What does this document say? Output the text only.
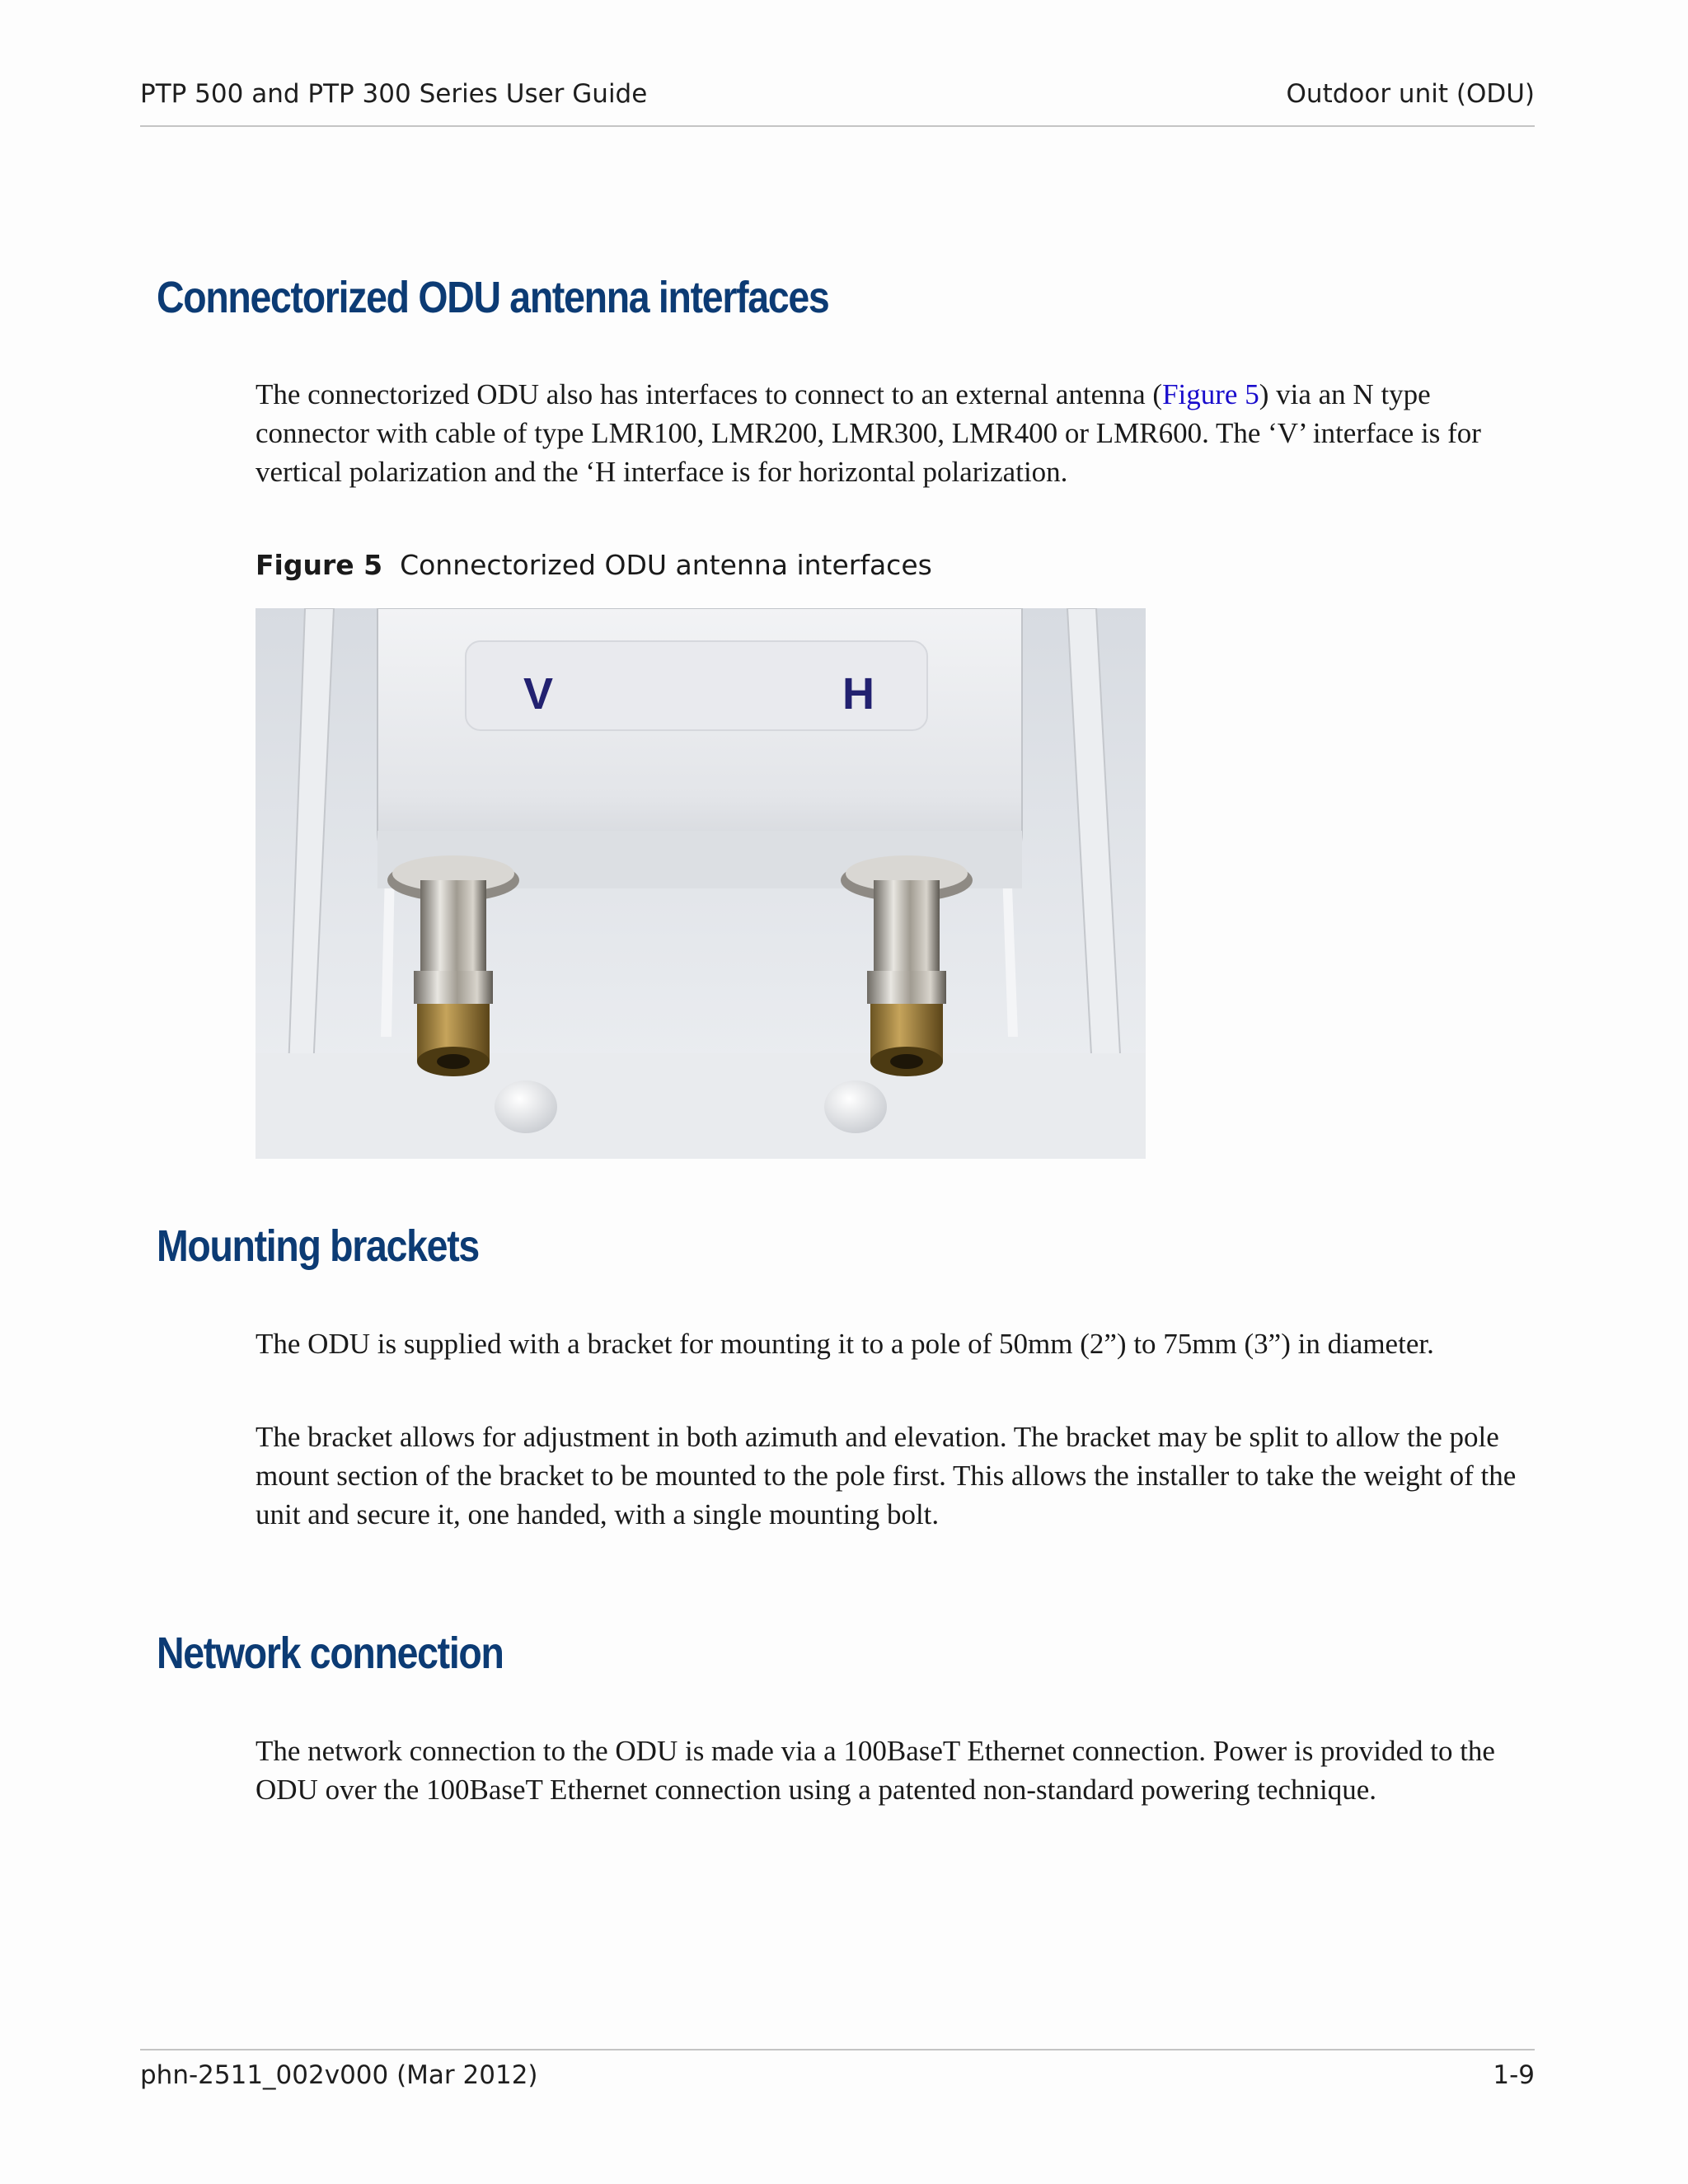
PTP 500 and PTP 300 Series User Guide	Outdoor unit (ODU)
Connectorized ODU antenna interfaces

The connectorized ODU also has interfaces to connect to an external antenna (Figure 5) via an N type connector with cable of type LMR100, LMR200, LMR300, LMR400 or LMR600. The ‘V’ interface is for vertical polarization and the ‘H interface is for horizontal polarization.

Figure 5 Connectorized ODU antenna interfaces
V	H
Mounting brackets

The ODU is supplied with a bracket for mounting it to a pole of 50mm (2”) to 75mm (3”) in diameter.

The bracket allows for adjustment in both azimuth and elevation. The bracket may be split to allow the pole mount section of the bracket to be mounted to the pole first. This allows the installer to take the weight of the unit and secure it, one handed, with a single mounting bolt.

Network connection

The network connection to the ODU is made via a 100BaseT Ethernet connection. Power is provided to the ODU over the 100BaseT Ethernet connection using a patented non-standard powering technique.

phn-2511_002v000 (Mar 2012)	1-9
